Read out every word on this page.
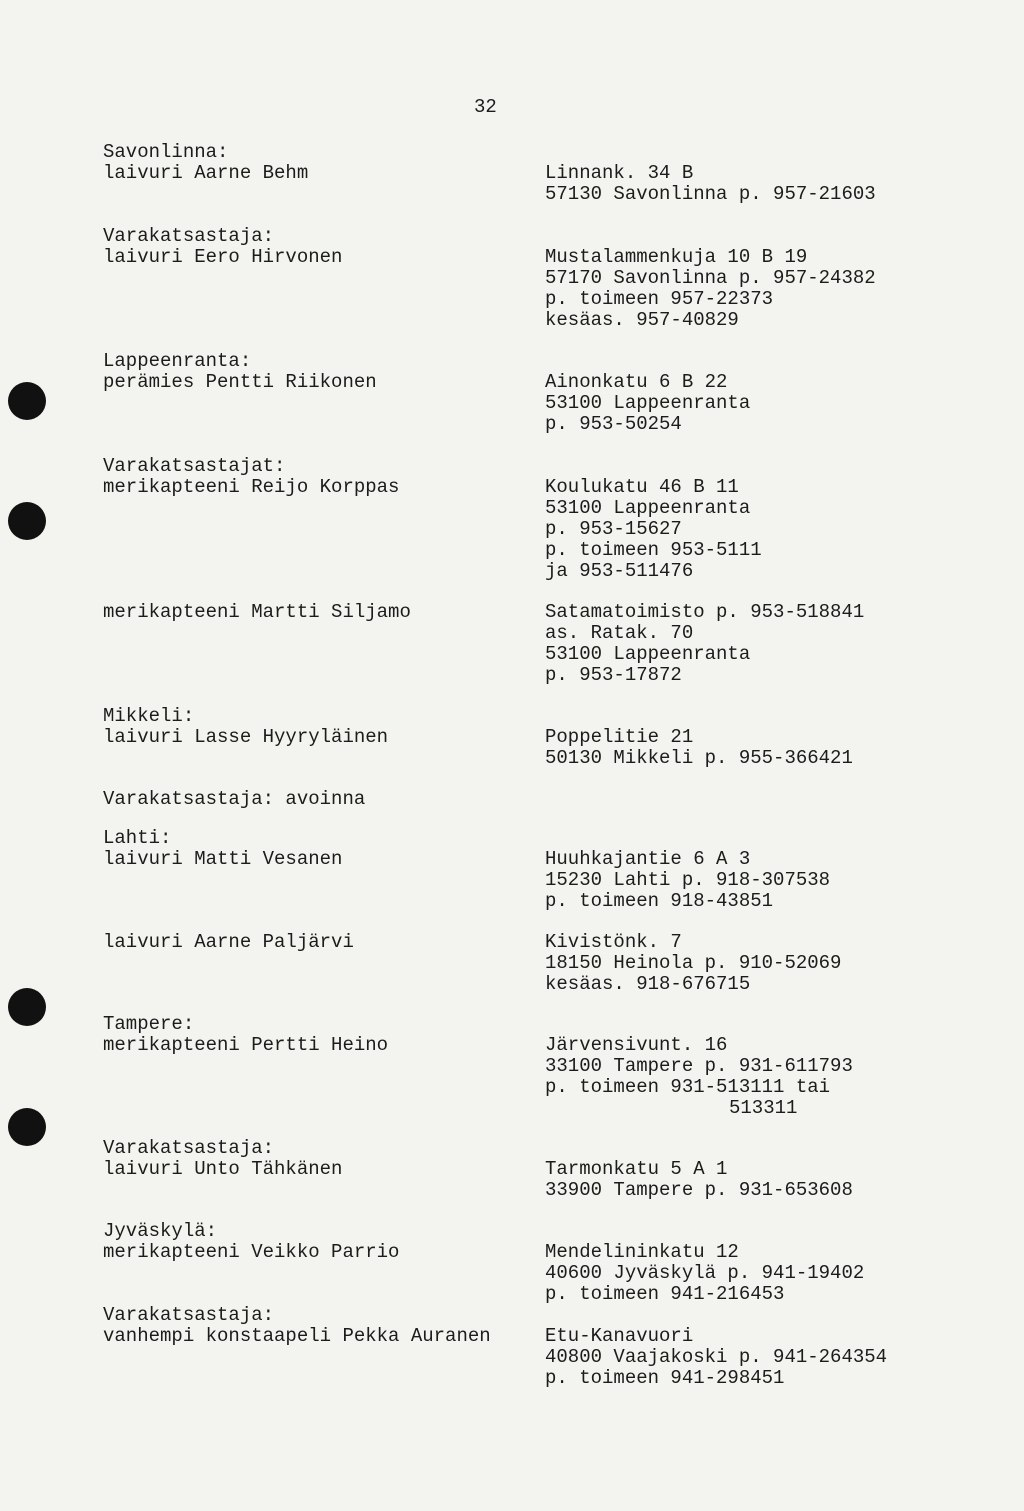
32
Savonlinna:
laivuri Aarne Behm
Varakatsastaja:
laivuri Eero Hirvonen
Lappeenranta:
perämies Pentti Riikonen
Varakatsastajat:
merikapteeni Reijo Korppas
merikapteeni Martti Siljamo
Mikkeli:
laivuri Lasse Hyyryläinen
Varakatsastaja: avoinna
Lahti:
laivuri Matti Vesanen
laivuri Aarne Paljärvi
Tampere:
merikapteeni Pertti Heino
Varakatsastaja:
laivuri Unto Tähkänen
Jyväskylä:
merikapteeni Veikko Parrio
Varakatsastaja:
vanhempi konstaapeli Pekka Auranen
Linnank. 34 B
57130 Savonlinna p. 957-21603
Mustalammenkuja 10 B 19
57170 Savonlinna p. 957-24382
p. toimeen 957-22373
kesäas. 957-40829
Ainonkatu 6 B 22
53100 Lappeenranta
p. 953-50254
Koulukatu 46 B 11
53100 Lappeenranta
p. 953-15627
p. toimeen 953-5111
ja 953-511476
Satamatoimisto p. 953-518841
as. Ratak. 70
53100 Lappeenranta
p. 953-17872
Poppelitie 21
50130 Mikkeli p. 955-366421
Huuhkajantie 6 A 3
15230 Lahti p. 918-307538
p. toimeen 918-43851
Kivistönk. 7
18150 Heinola p. 910-52069
kesäas. 918-676715
Järvensivunt. 16
33100 Tampere p. 931-611793
p. toimeen 931-513111 tai
513311
Tarmonkatu 5 A 1
33900 Tampere p. 931-653608
Mendelininkatu 12
40600 Jyväskylä p. 941-19402
p. toimeen 941-216453
Etu-Kanavuori
40800 Vaajakoski p. 941-264354
p. toimeen 941-298451
